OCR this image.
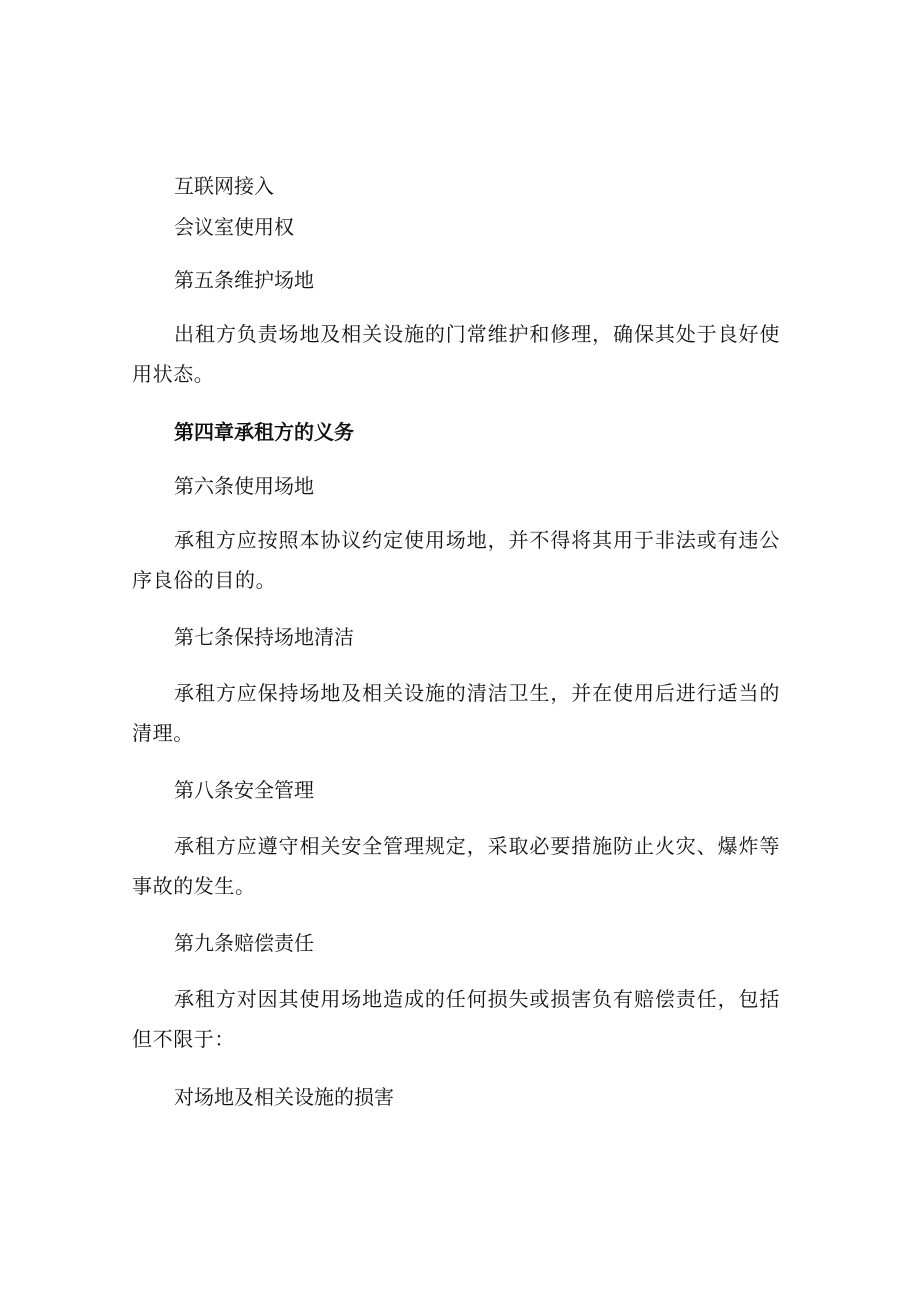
互联网接入
会议室使用权
第五条维护场地
出租方负责场地及相关设施的门常维护和修理，确保其处于良好使用状态。
第四章承租方的义务
第六条使用场地
承租方应按照本协议约定使用场地，并不得将其用于非法或有违公序良俗的目的。
第七条保持场地清洁
承租方应保持场地及相关设施的清洁卫生，并在使用后进行适当的清理。
第八条安全管理
承租方应遵守相关安全管理规定，采取必要措施防止火灾、爆炸等事故的发生。
第九条赔偿责任
承租方对因其使用场地造成的任何损失或损害负有赔偿责任，包括但不限于：
对场地及相关设施的损害
